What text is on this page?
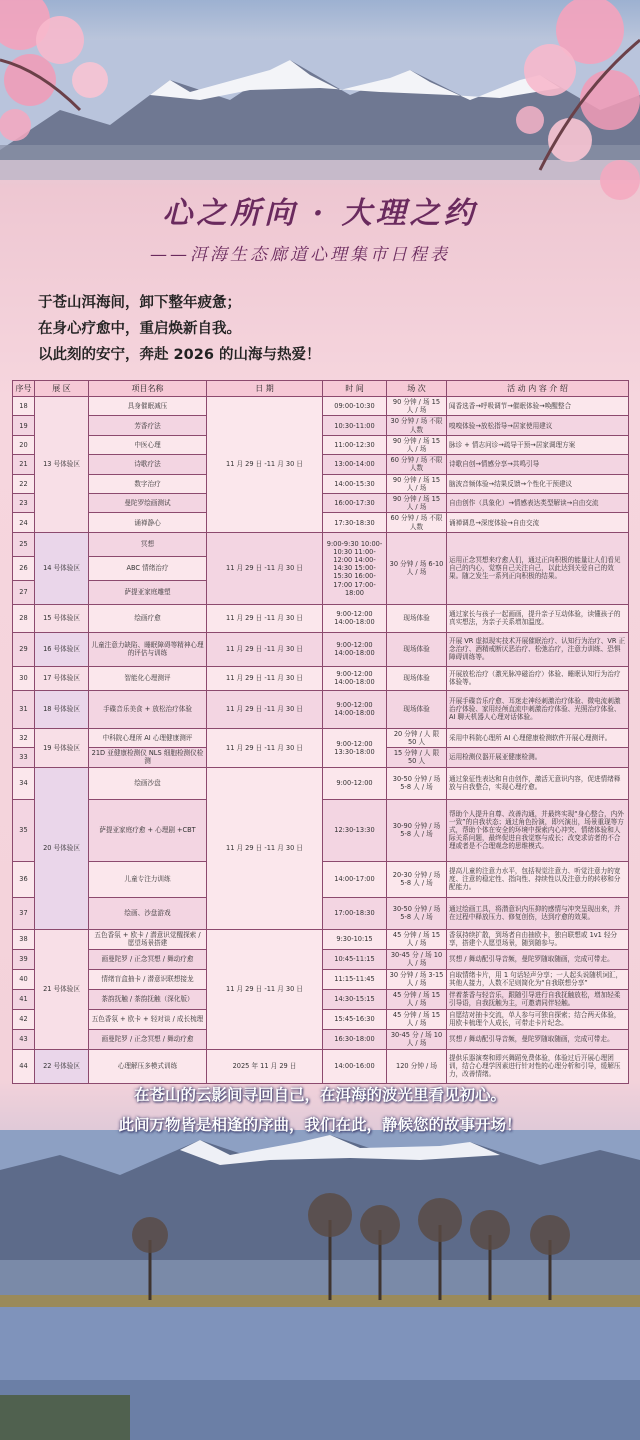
心之所向 · 大理之约
——洱海生态廊道心理集市日程表
于苍山洱海间，卸下整年疲惫；
在身心疗愈中，重启焕新自我。
以此刻的安宁，奔赴 2026 的山海与热爱！
序号	展 区	项目名称	日 期	时 间	场 次	活 动 内 容 介 绍
18	13 号体验区	具身催眠减压	11 月 29 日 -11 月 30 日	09:00-10:30	90 分钟 / 场 15 人 / 场	闻香选香→呼吸调节→催眠体验→唤醒整合
19		芳香疗法		10:30-11:00	30 分钟 / 场 不限人数	嗅嗅体验→放松指导→居家使用建议
20		中医心理		11:00-12:30	90 分钟 / 场 15 人 / 场	脉诊 + 情志问诊→疏导干预→居家调理方案
21		诗歌疗法		13:00-14:00	60 分钟 / 场 不限人数	诗歌自创→情感分享→共鸣引导
22		数字治疗		14:00-15:30	90 分钟 / 场 15 人 / 场	脑波音频体验→结果反馈→个性化干预建议
23		曼陀罗绘画测试		16:00-17:30	90 分钟 / 场 15 人 / 场	自由创作（具象化）→情感表达类型解读→自由交流
24		诵禅静心		17:30-18:30	60 分钟 / 场 不限人数	诵禅调息→深度体验→自由交流
25	14 号体验区	冥想	11 月 29 日 -11 月 30 日	9:00-9:30 10:00-10:30 11:00-12:00 14:00-14:30 15:00-15:30 16:00-17:00 17:00-18:00	30 分钟 / 场 6-10 人 / 场	运用正念冥想来疗愈人们，通过正向积极的能量让人们看见自己的内心，觉察自己关注自己，以此达到关爱自己的效果。随之发生一系列正向积极的结果。
26		ABC 情绪治疗				
27		萨提亚家庭雕塑				
28	15 号体验区	绘画疗愈	11 月 29 日 -11 月 30 日	9:00-12:00 14:00-18:00	现场体验	通过家长与孩子一起画画，提升亲子互动体验，读懂孩子的真实想法，为亲子关系增加温度。
29	16 号体验区	儿童注意力缺陷、睡眠障碍等精神心理的评估与训练	11 月 29 日 -11 月 30 日	9:00-12:00 14:00-18:00	现场体验	开展 VR 虚拟现实技术开展催眠治疗、认知行为治疗、VR 正念治疗、酒精戒断厌恶治疗、松弛治疗，注意力训练、恐惧障碍训练等。
30	17 号体验区	智能化心理测评	11 月 29 日 -11 月 30 日	9:00-12:00 14:00-18:00	现场体验	开展放松治疗（激光脉冲磁治疗）体验、睡眠认知行为治疗体验等。
31	18 号体验区	手碟音乐美食 + 放松治疗体验	11 月 29 日 -11 月 30 日	9:00-12:00 14:00-18:00	现场体验	开展手碟音乐疗愈、耳迷走神经刺激治疗体验、微电流刺激治疗体验、家用经颅直流申刺激治疗体验、光照治疗体验、AI 聊天机器人心理对话体验。
32	19 号体验区	中科院心理所 AI 心理健康测评	11 月 29 日 -11 月 30 日	9:00-12:00 13:30-18:00	20 分钟 / 人 限 50 人	采用中科院心理所 AI 心理健康检测软件开展心理测评。
33		21D 亚健康检测仪 NLS 细胞检测仪检测			15 分钟 / 人 限 50 人	运用检测仪器开展亚健康检测。
34	20 号体验区	绘画沙盘	11 月 29 日 -11 月 30 日	9:00-12:00	30-50 分钟 / 场 5-8 人 / 场	通过象征性表达和自由创作，激活无意识内容，促进情绪释放与自我整合，实现心理疗愈。
35		萨提亚家庭疗愈 + 心理剧 +CBT		12:30-13:30	30-90 分钟 / 场 5-8 人 / 场	帮助个人提升自尊、改善沟通，并最终实现“身心整合，内外一致”的自我状态；通过角色扮演，即兴演出，场景重现等方式，帮助个体在安全的环境中探索内心冲突、情绪体验和人际关系问题，最终促进自我觉察与成长；改变求访者的不合理或者是不合理观念的思维模式。
36		儿童专注力训练		14:00-17:00	20-30 分钟 / 场 5-8 人 / 场	提高儿童的注意力水平，包括视觉注意力、听觉注意力的宽度、注意的稳定性、指向性、持续性以及注意力的转移和分配能力。
37		绘画、沙盘游戏		17:00-18:30	30-50 分钟 / 场 5-8 人 / 场	通过绘画工具，将潜意识内压抑的感情与冲突呈现出来，并在过程中释放压力、修复创伤，达到疗愈的效果。
38	21 号体验区	五色香氛 + 欧卡 / 潜意识觉醒探索 / 愿望场景搭建	11 月 29 日 -11 月 30 日	9:30-10:15	45 分钟 / 场 15 人 / 场	香氛持续扩散，到场者自由抽欧卡，独自联想或 1v1 轻分享，搭建个人愿望场景，随到随参与。
39		画曼陀罗 / 正念冥想 / 舞动疗愈		10:45-11:15	30-45 分 / 场 10 人 / 场	冥想 / 舞动配引导音频，曼陀罗随取随画，完成可带走。
40		情绪盲盒抽卡 / 潜意识联想接龙		11:15-11:45	30 分钟 / 场 3-15 人 / 场	自取情绪卡片，用 1 句话轻声分享；一人起头说随机词汇，其他人接力，人数不足则简化为“自我联想分享”
41		茶韵抚触 / 茶韵抚触（深化版）		14:30-15:15	45 分钟 / 场 15 人 / 场	伴着茶香与轻音乐，跟随引导进行自我抚触放松，增加轻柔引导语，自我抚触为主，可邀请同伴轻触。
42		五色香氛 + 欧卡 + 轻对谈 / 成长梳理		15:45-16:30	45 分钟 / 场 15 人 / 场	自愿结对抽卡交流，单人参与可独自探索；结合两天体验，用欧卡梳理个人成长，可带走卡片纪念。
43		画曼陀罗 / 正念冥想 / 舞动疗愈		16:30-18:00	30-45 分 / 场 10 人 / 场	冥想 / 舞动配引导音频，曼陀罗随取随画，完成可带走。
44	22 号体验区	心理解压多模式训练	2025 年 11 月 29 日	14:00-16:00	120 分钟 / 场	提供乐器演奏和即兴舞蹈免费体验，体验过后开展心理团训，结合心理学因素进行针对性的心理分析和引导，缓解压力，改善情绪。
在苍山的云影间寻回自己，在洱海的波光里看见初心。
此间万物皆是相逢的序曲，我们在此，静候您的故事开场！
